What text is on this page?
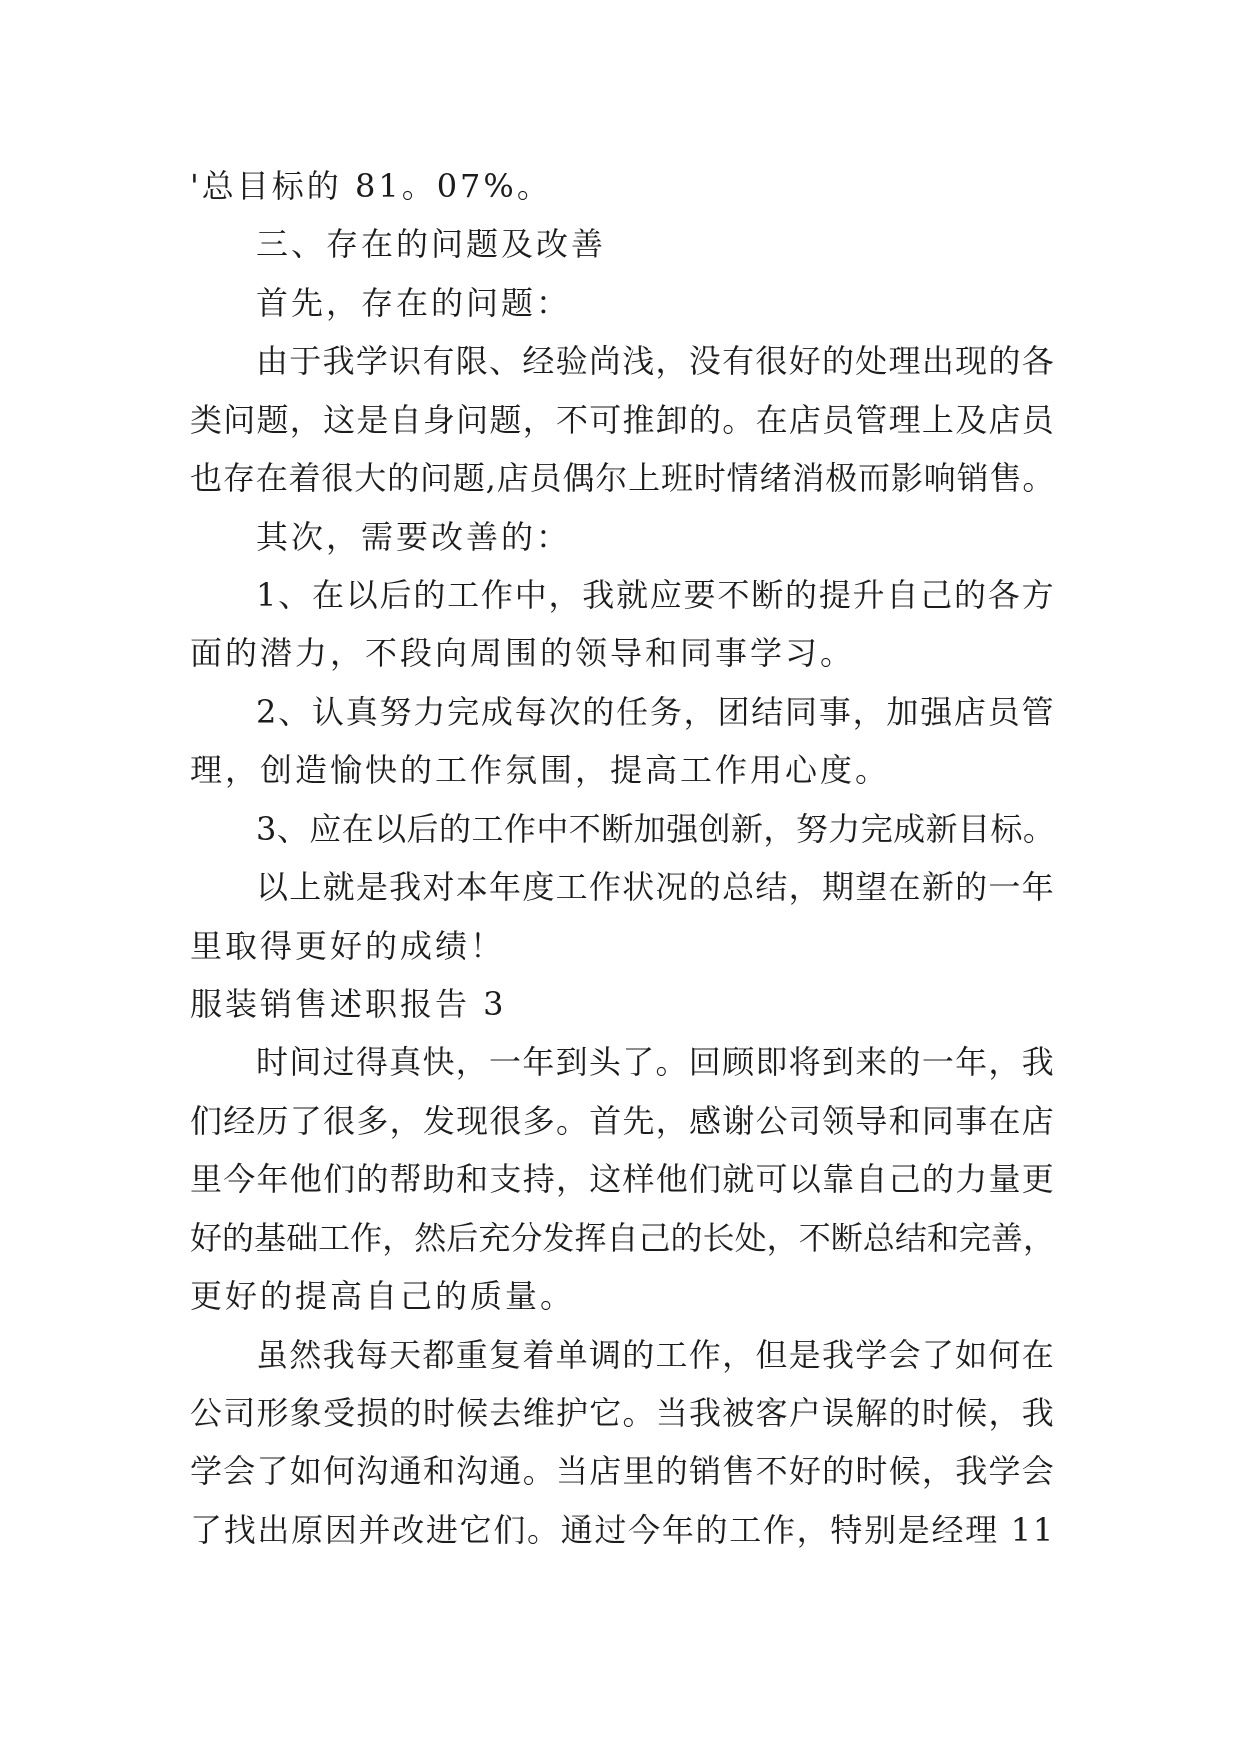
'总目标的 81。07%。
三、存在的问题及改善
首先，存在的问题：
由于我学识有限、经验尚浅，没有很好的处理出现的各
类问题，这是自身问题，不可推卸的。在店员管理上及店员
也存在着很大的问题,店员偶尔上班时情绪消极而影响销售。
其次，需要改善的：
1、在以后的工作中，我就应要不断的提升自己的各方
面的潜力，不段向周围的领导和同事学习。
2、认真努力完成每次的任务，团结同事，加强店员管
理，创造愉快的工作氛围，提高工作用心度。
3、应在以后的工作中不断加强创新，努力完成新目标。
以上就是我对本年度工作状况的总结，期望在新的一年
里取得更好的成绩！
服装销售述职报告 3
时间过得真快，一年到头了。回顾即将到来的一年，我
们经历了很多，发现很多。首先，感谢公司领导和同事在店
里今年他们的帮助和支持，这样他们就可以靠自己的力量更
好的基础工作，然后充分发挥自己的长处，不断总结和完善，
更好的提高自己的质量。
虽然我每天都重复着单调的工作，但是我学会了如何在
公司形象受损的时候去维护它。当我被客户误解的时候，我
学会了如何沟通和沟通。当店里的销售不好的时候，我学会
了找出原因并改进它们。通过今年的工作，特别是经理 11
